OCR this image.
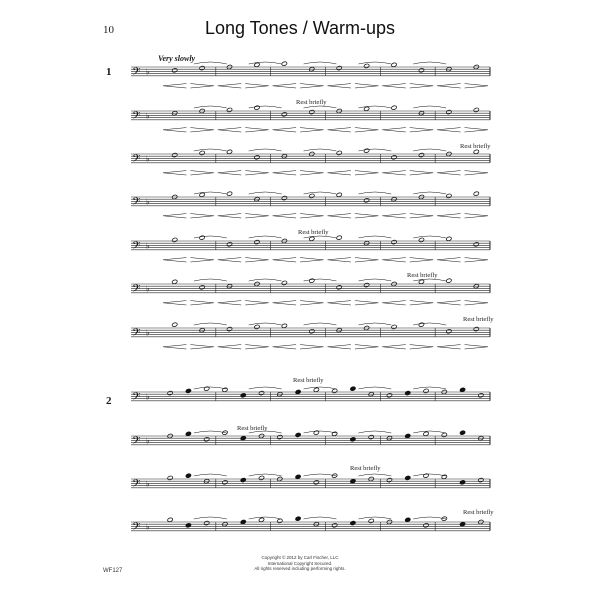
10	Long Tones / Warm-ups
𝄢 ♭
𝄢 ♭
𝄢 ♭
𝄢 ♭
𝄢 ♭
𝄢 ♭
𝄢 ♭
𝄢 ♭
𝄢 ♭
𝄢 ♭
𝄢 ♭
1
Very slowly
Rest briefly
Rest briefly
Rest briefly
Rest briefly
Rest briefly
2
Rest briefly
Rest briefly
Rest briefly
Rest briefly
Copyright © 2012 by Carl Fischer, LLC
International Copyright Secured.
All rights reserved including performing rights.
WF127
